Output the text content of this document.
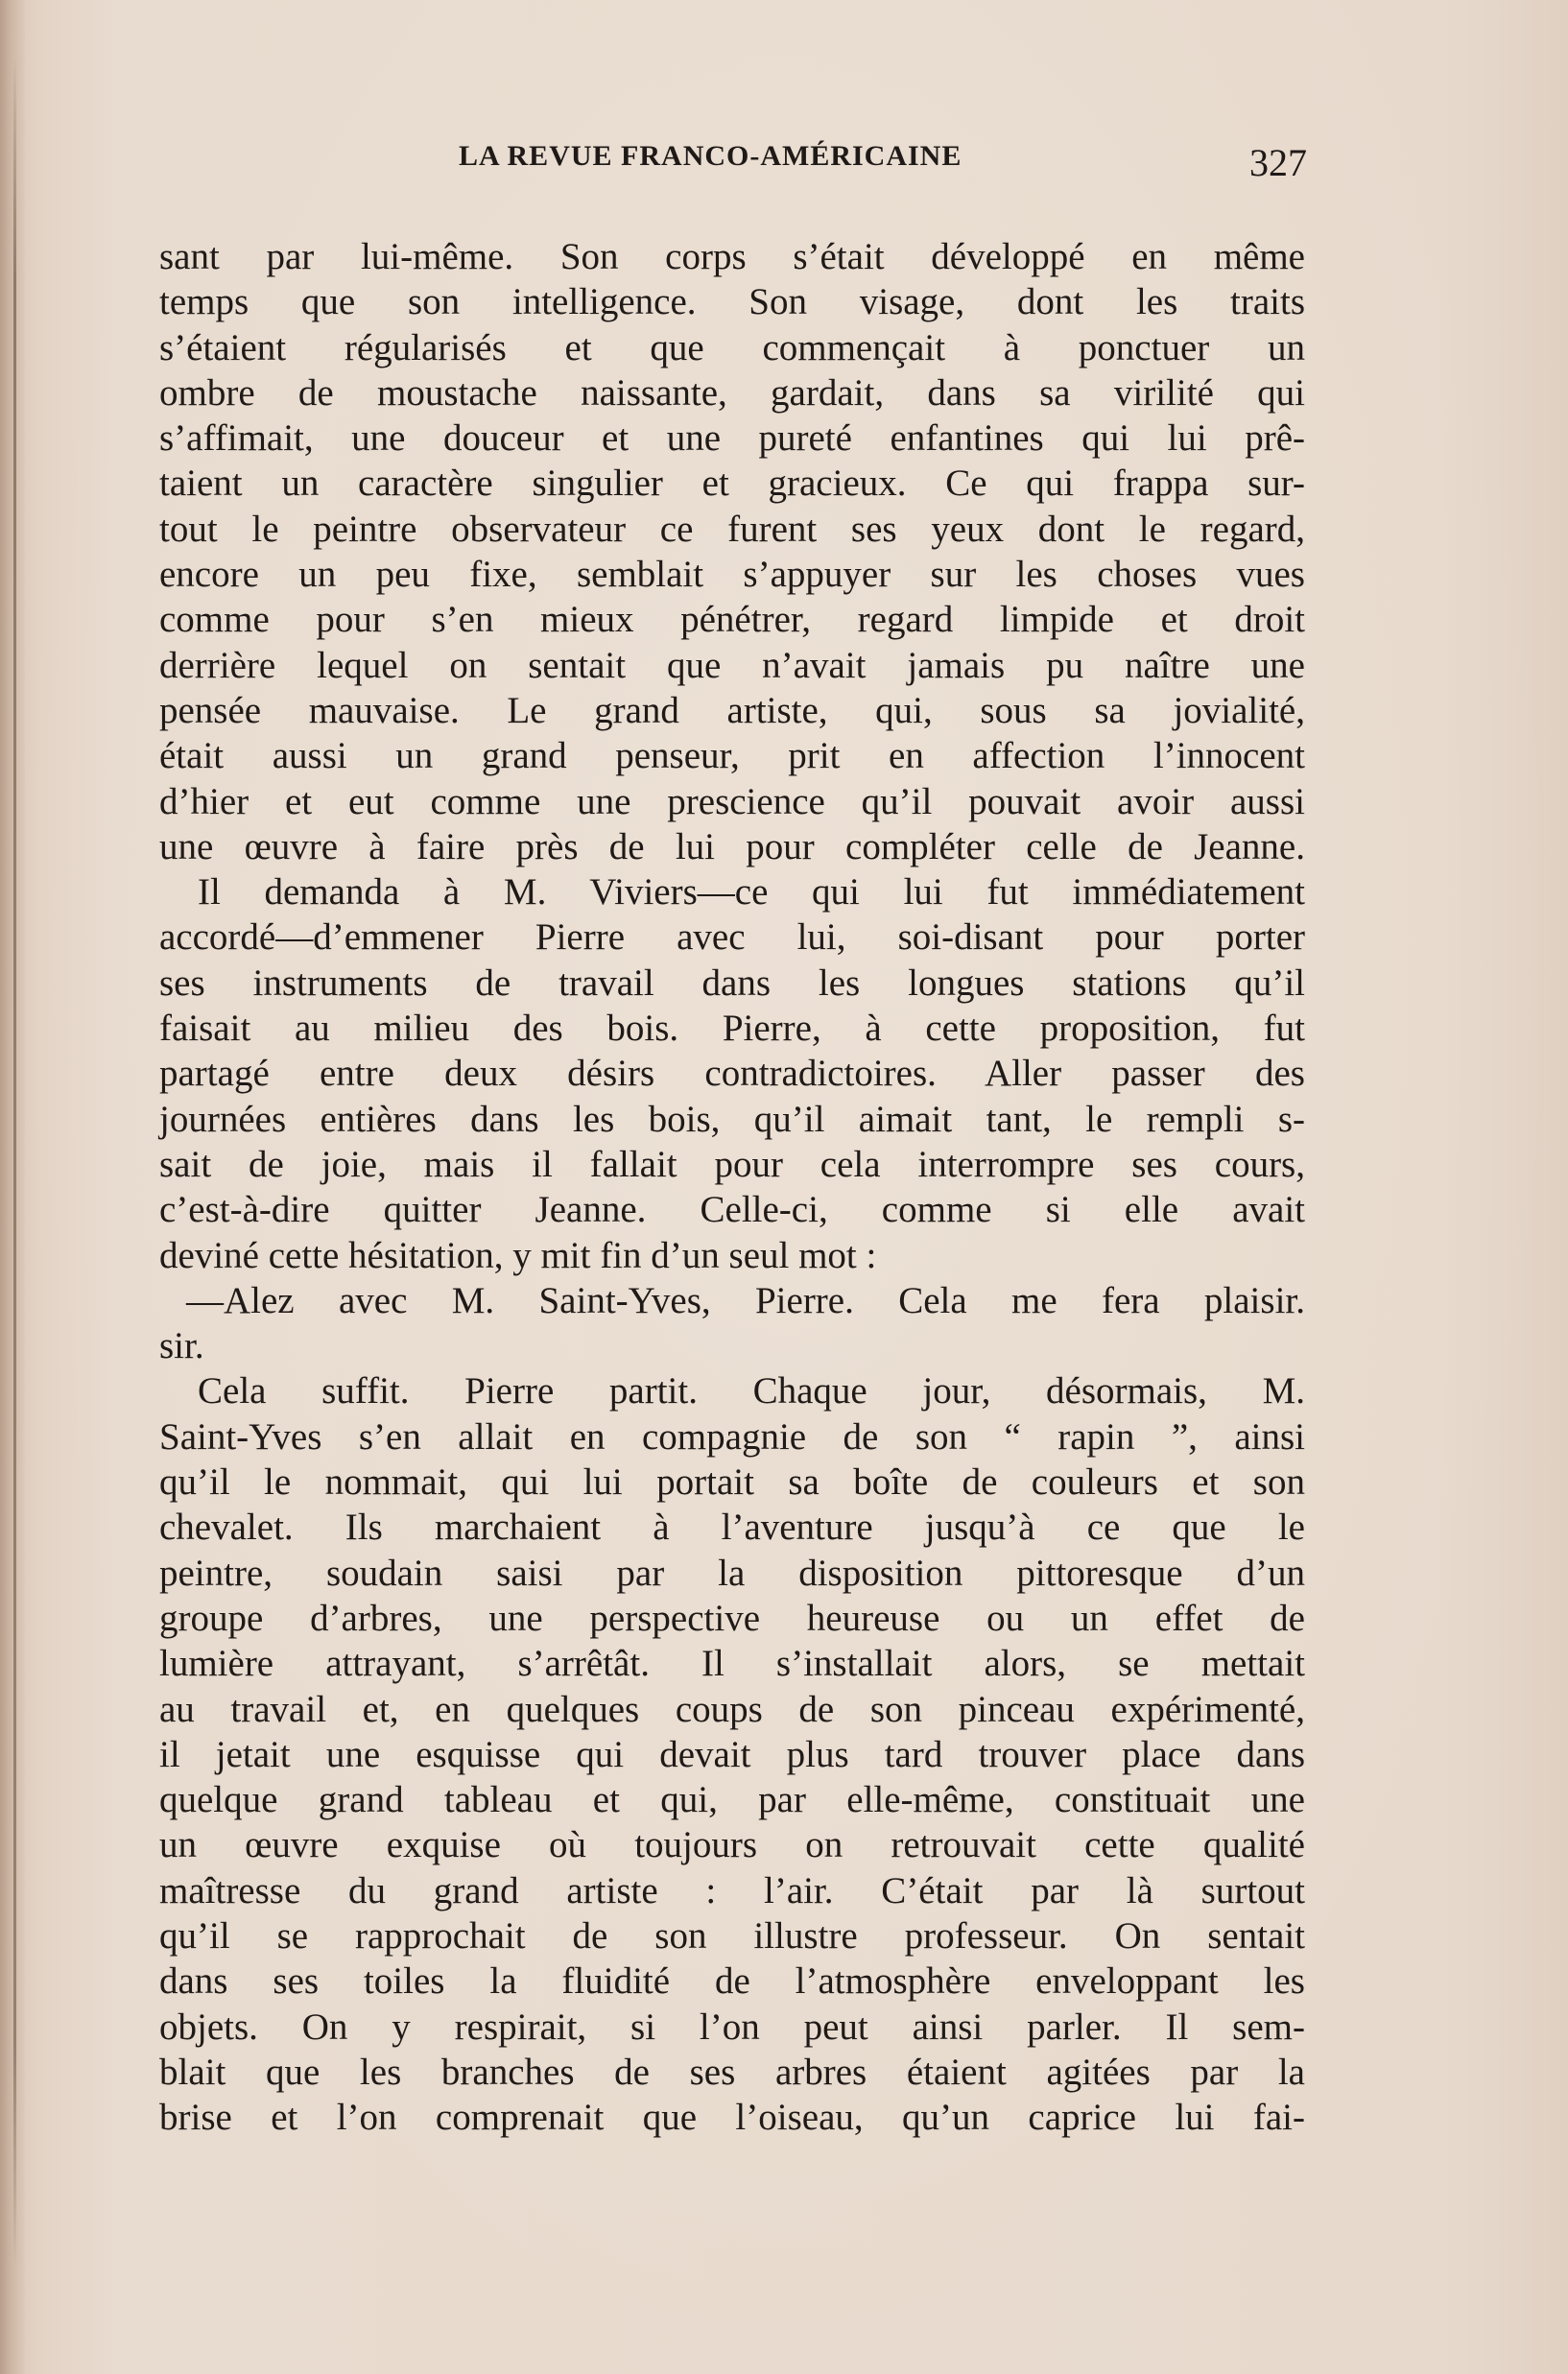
LA REVUE FRANCO-AMÉRICAINE	327
sant par lui-même. Son corps s’était développé en même
temps que son intelligence. Son visage, dont les traits
s’étaient régularisés et que commençait à ponctuer un
ombre de moustache naissante, gardait, dans sa virilité qui
s’affimait, une douceur et une pureté enfantines qui lui prê-
taient un caractère singulier et gracieux. Ce qui frappa sur-
tout le peintre observateur ce furent ses yeux dont le regard,
encore un peu fixe, semblait s’appuyer sur les choses vues
comme pour s’en mieux pénétrer, regard limpide et droit
derrière lequel on sentait que n’avait jamais pu naître une
pensée mauvaise. Le grand artiste, qui, sous sa jovialité,
était aussi un grand penseur, prit en affection l’innocent
d’hier et eut comme une prescience qu’il pouvait avoir aussi
une œuvre à faire près de lui pour compléter celle de Jeanne.
Il demanda à M. Viviers—ce qui lui fut immédiatement
accordé—d’emmener Pierre avec lui, soi-disant pour porter
ses instruments de travail dans les longues stations qu’il
faisait au milieu des bois. Pierre, à cette proposition, fut
partagé entre deux désirs contradictoires. Aller passer des
journées entières dans les bois, qu’il aimait tant, le rempli s-
sait de joie, mais il fallait pour cela interrompre ses cours,
c’est-à-dire quitter Jeanne. Celle-ci, comme si elle avait
deviné cette hésitation, y mit fin d’un seul mot :
—Alez avec M. Saint-Yves, Pierre. Cela me fera plaisir.
sir.
Cela suffit. Pierre partit. Chaque jour, désormais, M.
Saint-Yves s’en allait en compagnie de son “ rapin ”, ainsi
qu’il le nommait, qui lui portait sa boîte de couleurs et son
chevalet. Ils marchaient à l’aventure jusqu’à ce que le
peintre, soudain saisi par la disposition pittoresque d’un
groupe d’arbres, une perspective heureuse ou un effet de
lumière attrayant, s’arrêtât. Il s’installait alors, se mettait
au travail et, en quelques coups de son pinceau expérimenté,
il jetait une esquisse qui devait plus tard trouver place dans
quelque grand tableau et qui, par elle-même, constituait une
un œuvre exquise où toujours on retrouvait cette qualité
maîtresse du grand artiste : l’air. C’était par là surtout
qu’il se rapprochait de son illustre professeur. On sentait
dans ses toiles la fluidité de l’atmosphère enveloppant les
objets. On y respirait, si l’on peut ainsi parler. Il sem-
blait que les branches de ses arbres étaient agitées par la
brise et l’on comprenait que l’oiseau, qu’un caprice lui fai-
